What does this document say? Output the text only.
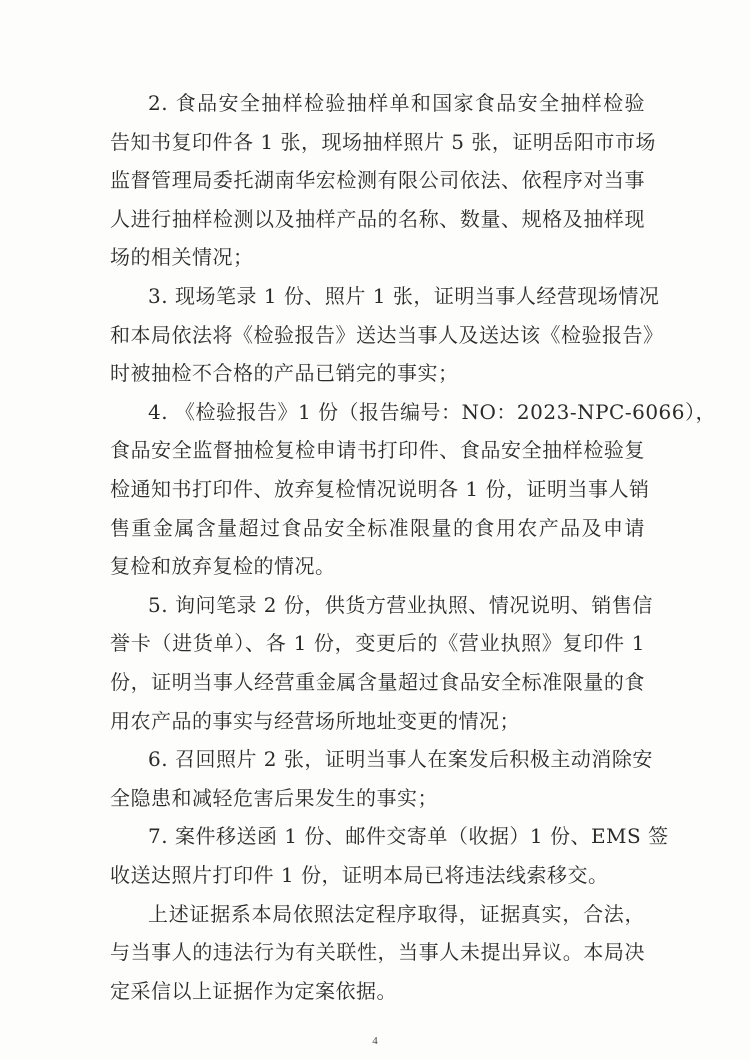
2. 食品安全抽样检验抽样单和国家食品安全抽样检验
告知书复印件各 1 张，现场抽样照片 5 张，证明岳阳市市场
监督管理局委托湖南华宏检测有限公司依法、依程序对当事
人进行抽样检测以及抽样产品的名称、数量、规格及抽样现
场的相关情况；
3. 现场笔录 1 份、照片 1 张，证明当事人经营现场情况
和本局依法将《检验报告》送达当事人及送达该《检验报告》
时被抽检不合格的产品已销完的事实；
4. 《检验报告》1 份（报告编号：NO：2023-NPC-6066），
食品安全监督抽检复检申请书打印件、食品安全抽样检验复
检通知书打印件、放弃复检情况说明各 1 份，证明当事人销
售重金属含量超过食品安全标准限量的食用农产品及申请
复检和放弃复检的情况。
5. 询问笔录 2 份，供货方营业执照、情况说明、销售信
誉卡（进货单）、各 1 份，变更后的《营业执照》复印件 1
份，证明当事人经营重金属含量超过食品安全标准限量的食
用农产品的事实与经营场所地址变更的情况；
6. 召回照片 2 张，证明当事人在案发后积极主动消除安
全隐患和减轻危害后果发生的事实；
7. 案件移送函 1 份、邮件交寄单（收据）1 份、EMS 签
收送达照片打印件 1 份，证明本局已将违法线索移交。
上述证据系本局依照法定程序取得，证据真实，合法，
与当事人的违法行为有关联性，当事人未提出异议。本局决
定采信以上证据作为定案依据。
4
